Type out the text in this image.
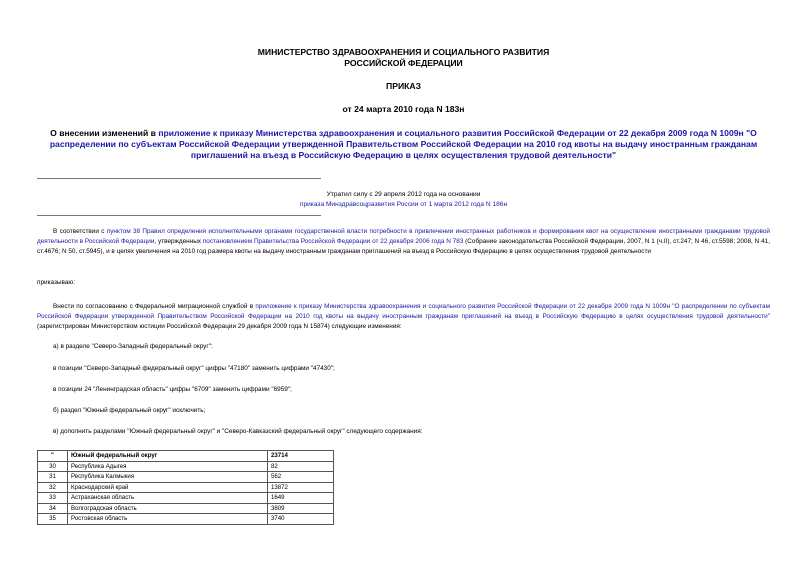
МИНИСТЕРСТВО ЗДРАВООХРАНЕНИЯ И СОЦИАЛЬНОГО РАЗВИТИЯ
РОССИЙСКОЙ ФЕДЕРАЦИИ
ПРИКАЗ
от 24 марта 2010 года N 183н
О внесении изменений в приложение к приказу Министерства здравоохранения и социального развития Российской Федерации от 22 декабря 2009 года N 1009н "О распределении по субъектам Российской Федерации утвержденной Правительством Российской Федерации на 2010 год квоты на выдачу иностранным гражданам приглашений на въезд в Российскую Федерацию в целях осуществления трудовой деятельности"
Утратил силу с 29 апреля 2012 года на основании
приказа Минздравсоцразвития России от 1 марта 2012 года N 186н
В соответствии с пунктом 38 Правил определения исполнительными органами государственной власти потребности в привлечении иностранных работников и формирования квот на осуществление иностранными гражданами трудовой деятельности в Российской Федерации, утвержденных постановлением Правительства Российской Федерации от 22 декабря 2006 года N 783 (Собрание законодательства Российской Федерации, 2007, N 1 (ч.II), ст.247; N 46, ст.5598; 2008, N 41, ст.4676; N 50, ст.5945), и в целях увеличения на 2010 год размера квоты на выдачу иностранным гражданам приглашений на въезд в Российскую Федерацию в целях осуществления трудовой деятельности
приказываю:
Внести по согласованию с Федеральной миграционной службой в приложение к приказу Министерства здравоохранения и социального развития Российской Федерации от 22 декабря 2009 года N 1009н "О распределении по субъектам Российской Федерации утвержденной Правительством Российской Федерации на 2010 год квоты на выдачу иностранным гражданам приглашений на въезд в Российскую Федерацию в целях осуществления трудовой деятельности" (зарегистрирован Министерством юстиции Российской Федерации 29 декабря 2009 года N 15874) следующие изменения:
а) в разделе "Северо-Западный федеральный округ":
в позиции "Северо-Западный федеральный округ" цифры "47180" заменить цифрами "47430";
в позиции 24 "Ленинградская область" цифры "6709" заменить цифрами "6959";
б) раздел "Южный федеральный округ" исключить;
в) дополнить разделами "Южный федеральный округ" и "Северо-Кавказский федеральный округ" следующего содержания:
"	Южный федеральный округ	23714
30	Республика Адыгея	82
31	Республика Калмыкия	562
32	Краснодарский край	13872
33	Астраханская область	1649
34	Волгоградская область	3809
35	Ростовская область	3740
